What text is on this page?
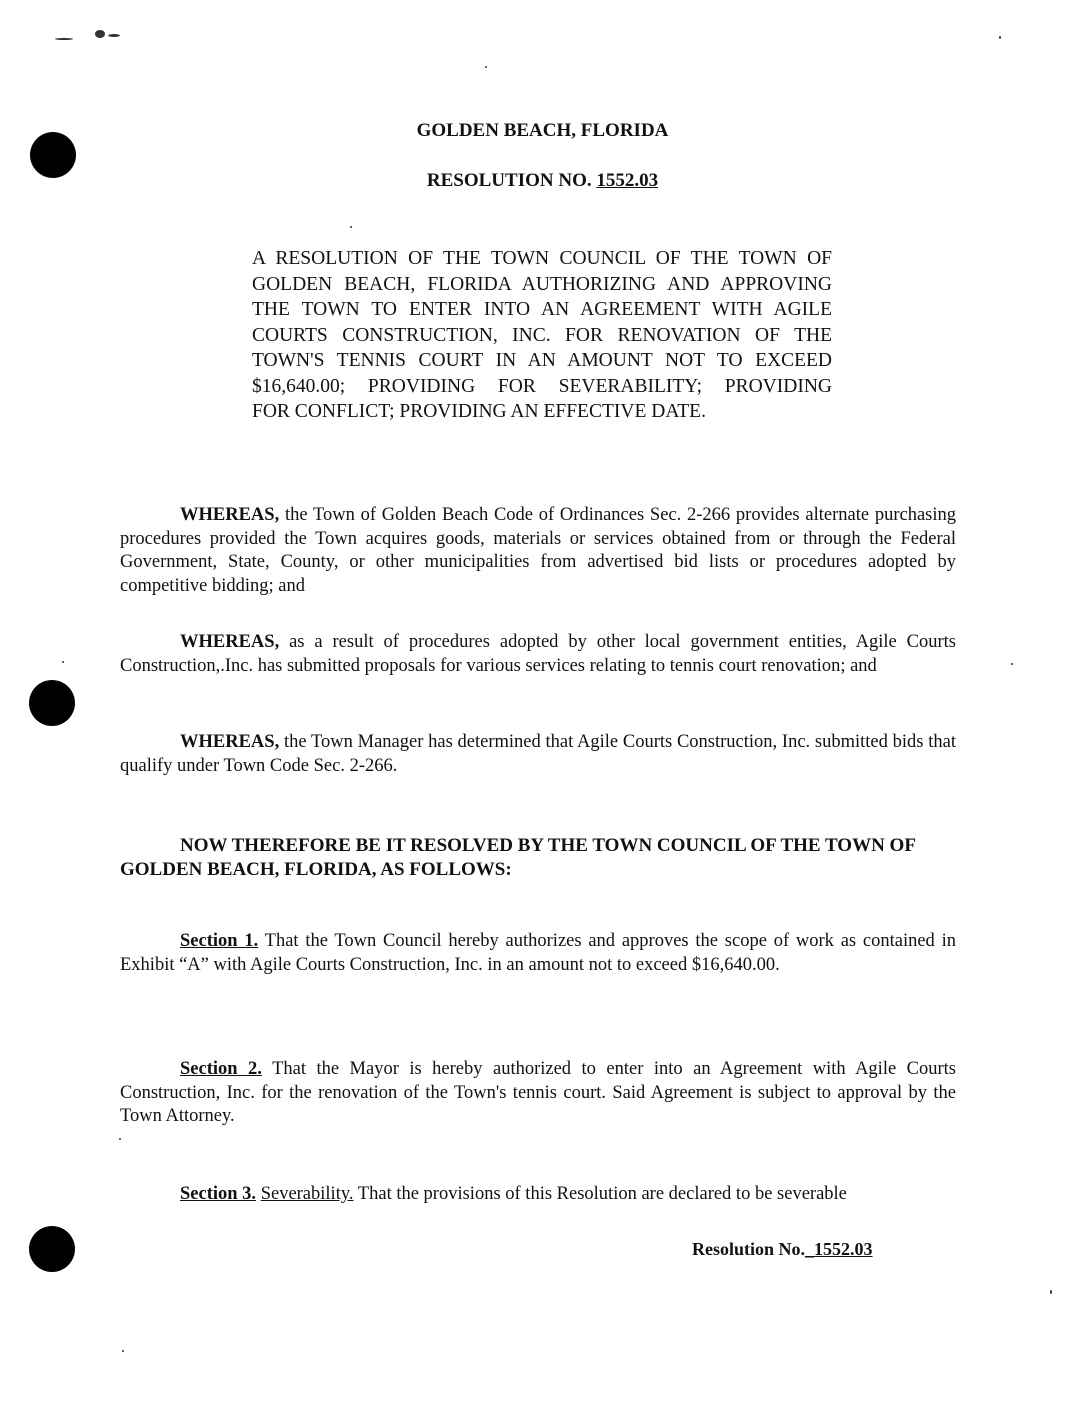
GOLDEN BEACH, FLORIDA
RESOLUTION NO. 1552.03
A RESOLUTION OF THE TOWN COUNCIL OF THE TOWN OF
GOLDEN BEACH, FLORIDA AUTHORIZING AND APPROVING
THE TOWN TO ENTER INTO AN AGREEMENT WITH AGILE
COURTS CONSTRUCTION, INC. FOR RENOVATION OF THE
TOWN'S TENNIS COURT IN AN AMOUNT NOT TO EXCEED
$16,640.00; PROVIDING FOR SEVERABILITY; PROVIDING
FOR CONFLICT; PROVIDING AN EFFECTIVE DATE.
WHEREAS, the Town of Golden Beach Code of Ordinances Sec. 2-266 provides alternate purchasing procedures provided the Town acquires goods, materials or services obtained from or through the Federal Government, State, County, or other municipalities from advertised bid lists or procedures adopted by competitive bidding; and
WHEREAS, as a result of procedures adopted by other local government entities, Agile Courts Construction,.Inc. has submitted proposals for various services relating to tennis court renovation; and
WHEREAS, the Town Manager has determined that Agile Courts Construction, Inc. submitted bids that qualify under Town Code Sec. 2-266.
NOW THEREFORE BE IT RESOLVED BY THE TOWN COUNCIL OF THE TOWN OF GOLDEN BEACH, FLORIDA, AS FOLLOWS:
Section 1. That the Town Council hereby authorizes and approves the scope of work as contained in Exhibit “A” with Agile Courts Construction, Inc. in an amount not to exceed $16,640.00.
Section 2. That the Mayor is hereby authorized to enter into an Agreement with Agile Courts Construction, Inc. for the renovation of the Town's tennis court. Said Agreement is subject to approval by the Town Attorney.
Section 3. Severability. That the provisions of this Resolution are declared to be severable
Resolution No._1552.03
